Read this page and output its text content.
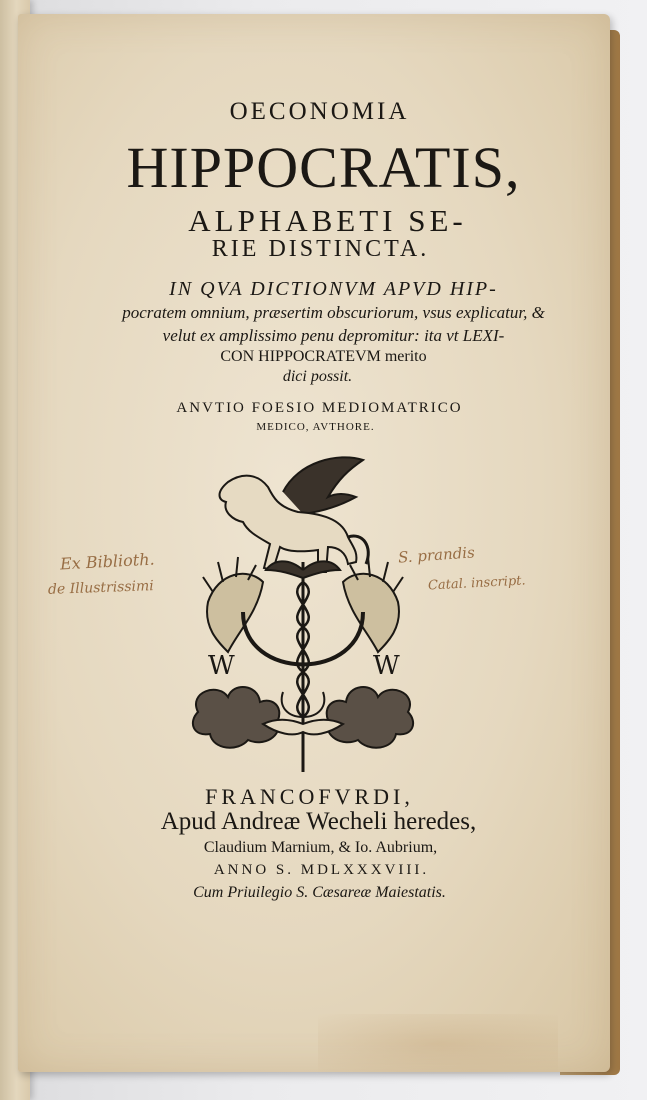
OECONOMIA
HIPPOCRATIS,
ALPHABETI SE-
RIE DISTINCTA.
IN QVA DICTIONVM APVD HIP-
pocratem omnium, præsertim obscuriorum, vsus explicatur, &
velut ex amplissimo penu depromitur: ita vt LEXI-
CON HIPPOCRATEVM merito
dici possit.
ANVTIO FOESIO MEDIOMATRICO
MEDICO, AVTHORE.
W	W
Ex Biblioth.
de Illustrissimi
S. prandis
Catal. inscript.
FRANCOFVRDI,
Apud Andreæ Wecheli heredes,
Claudium Marnium, & Io. Aubrium,
ANNO S. MDLXXXVIII.
Cum Priuilegio S. Cæsareæ Maiestatis.
